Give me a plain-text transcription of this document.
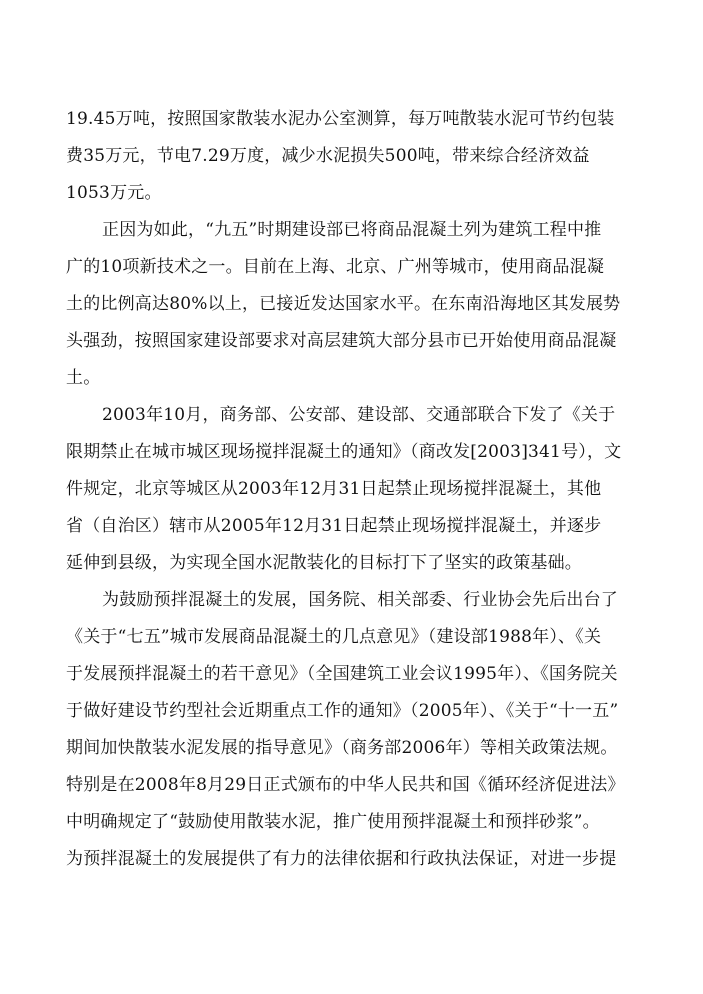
19.45万吨，按照国家散装水泥办公室测算，每万吨散装水泥可节约包装
费35万元，节电7.29万度，减少水泥损失500吨，带来综合经济效益
1053万元。
正因为如此，“九五”时期建设部已将商品混凝土列为建筑工程中推
广的10项新技术之一。目前在上海、北京、广州等城市，使用商品混凝
土的比例高达80%以上，已接近发达国家水平。在东南沿海地区其发展势
头强劲，按照国家建设部要求对高层建筑大部分县市已开始使用商品混凝
土。
2003年10月，商务部、公安部、建设部、交通部联合下发了《关于
限期禁止在城市城区现场搅拌混凝土的通知》（商改发[2003]341号），文
件规定，北京等城区从2003年12月31日起禁止现场搅拌混凝土，其他
省（自治区）辖市从2005年12月31日起禁止现场搅拌混凝土，并逐步
延伸到县级，为实现全国水泥散装化的目标打下了坚实的政策基础。
为鼓励预拌混凝土的发展，国务院、相关部委、行业协会先后出台了
《关于“七五”城市发展商品混凝土的几点意见》（建设部1988年）、《关
于发展预拌混凝土的若干意见》（全国建筑工业会议1995年）、《国务院关
于做好建设节约型社会近期重点工作的通知》（2005年）、《关于“十一五”
期间加快散装水泥发展的指导意见》（商务部2006年）等相关政策法规。
特别是在2008年8月29日正式颁布的中华人民共和国《循环经济促进法》
中明确规定了“鼓励使用散装水泥，推广使用预拌混凝土和预拌砂浆”。
为预拌混凝土的发展提供了有力的法律依据和行政执法保证，对进一步提
